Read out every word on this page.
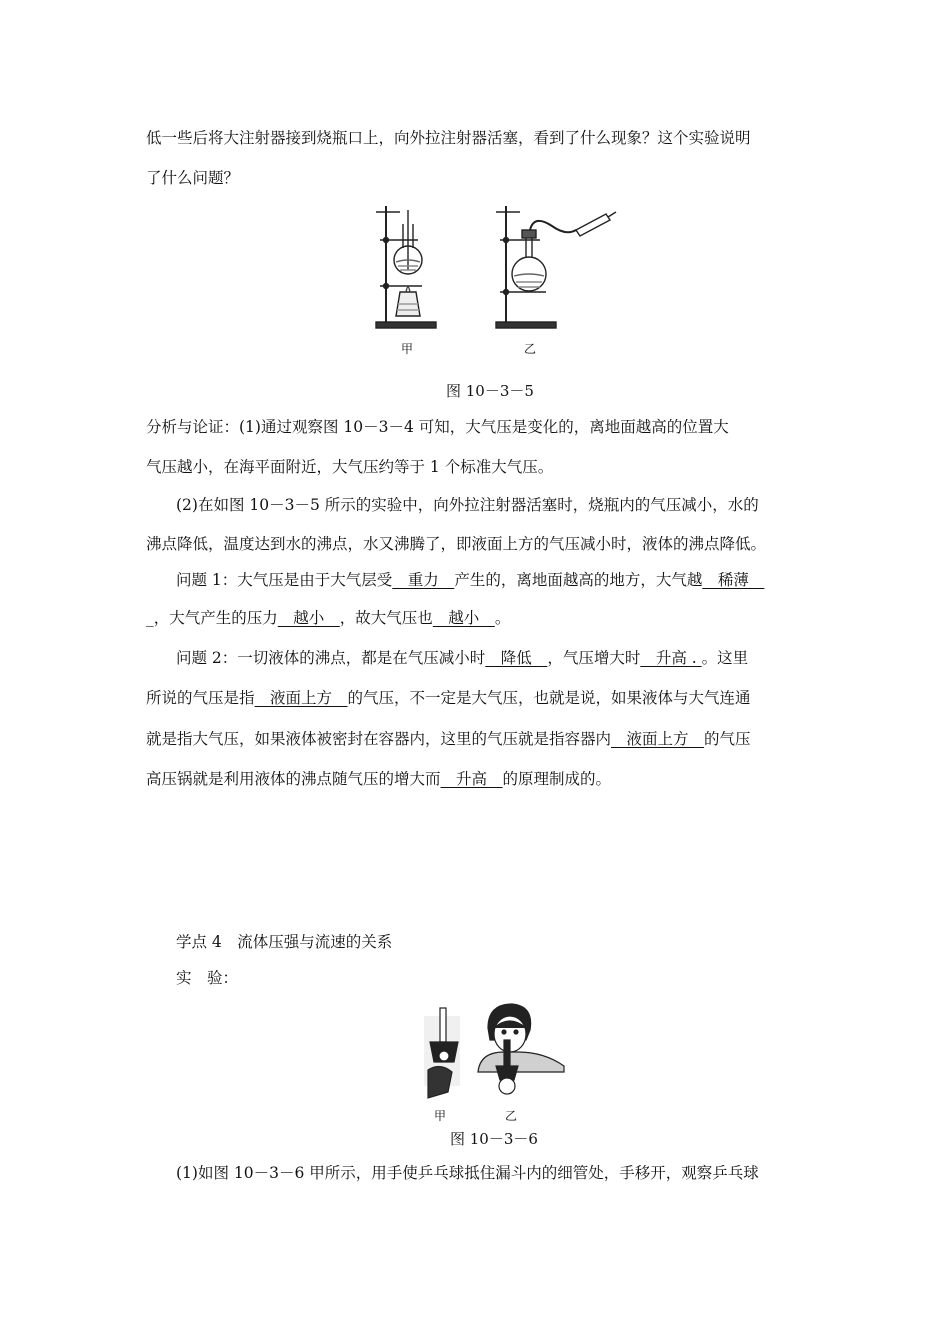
低一些后将大注射器接到烧瓶口上，向外拉注射器活塞，看到了什么现象？这个实验说明
了什么问题？
甲	乙
图 10－3－5
分析与论证：(1)通过观察图 10－3－4 可知，大气压是变化的，离地面越高的位置大
气压越小，在海平面附近，大气压约等于 1 个标准大气压。
(2)在如图 10－3－5 所示的实验中，向外拉注射器活塞时，烧瓶内的气压减小，水的
沸点降低，温度达到水的沸点，水又沸腾了，即液面上方的气压减小时，液体的沸点降低。
问题 1：大气压是由于大气层受　重力　产生的，离地面越高的地方，大气越　稀薄　
_，大气产生的压力　越小　，故大气压也　越小　。
问题 2：一切液体的沸点，都是在气压减小时　降低　，气压增大时　升高 . 。这里
所说的气压是指　液面上方　的气压，不一定是大气压，也就是说，如果液体与大气连通
就是指大气压，如果液体被密封在容器内，这里的气压就是指容器内　液面上方　的气压
高压锅就是利用液体的沸点随气压的增大而　升高　的原理制成的。
学点 4　流体压强与流速的关系
实　验：
甲	乙
图 10－3－6
(1)如图 10－3－6 甲所示，用手使乒乓球抵住漏斗内的细管处，手移开，观察乒乓球
